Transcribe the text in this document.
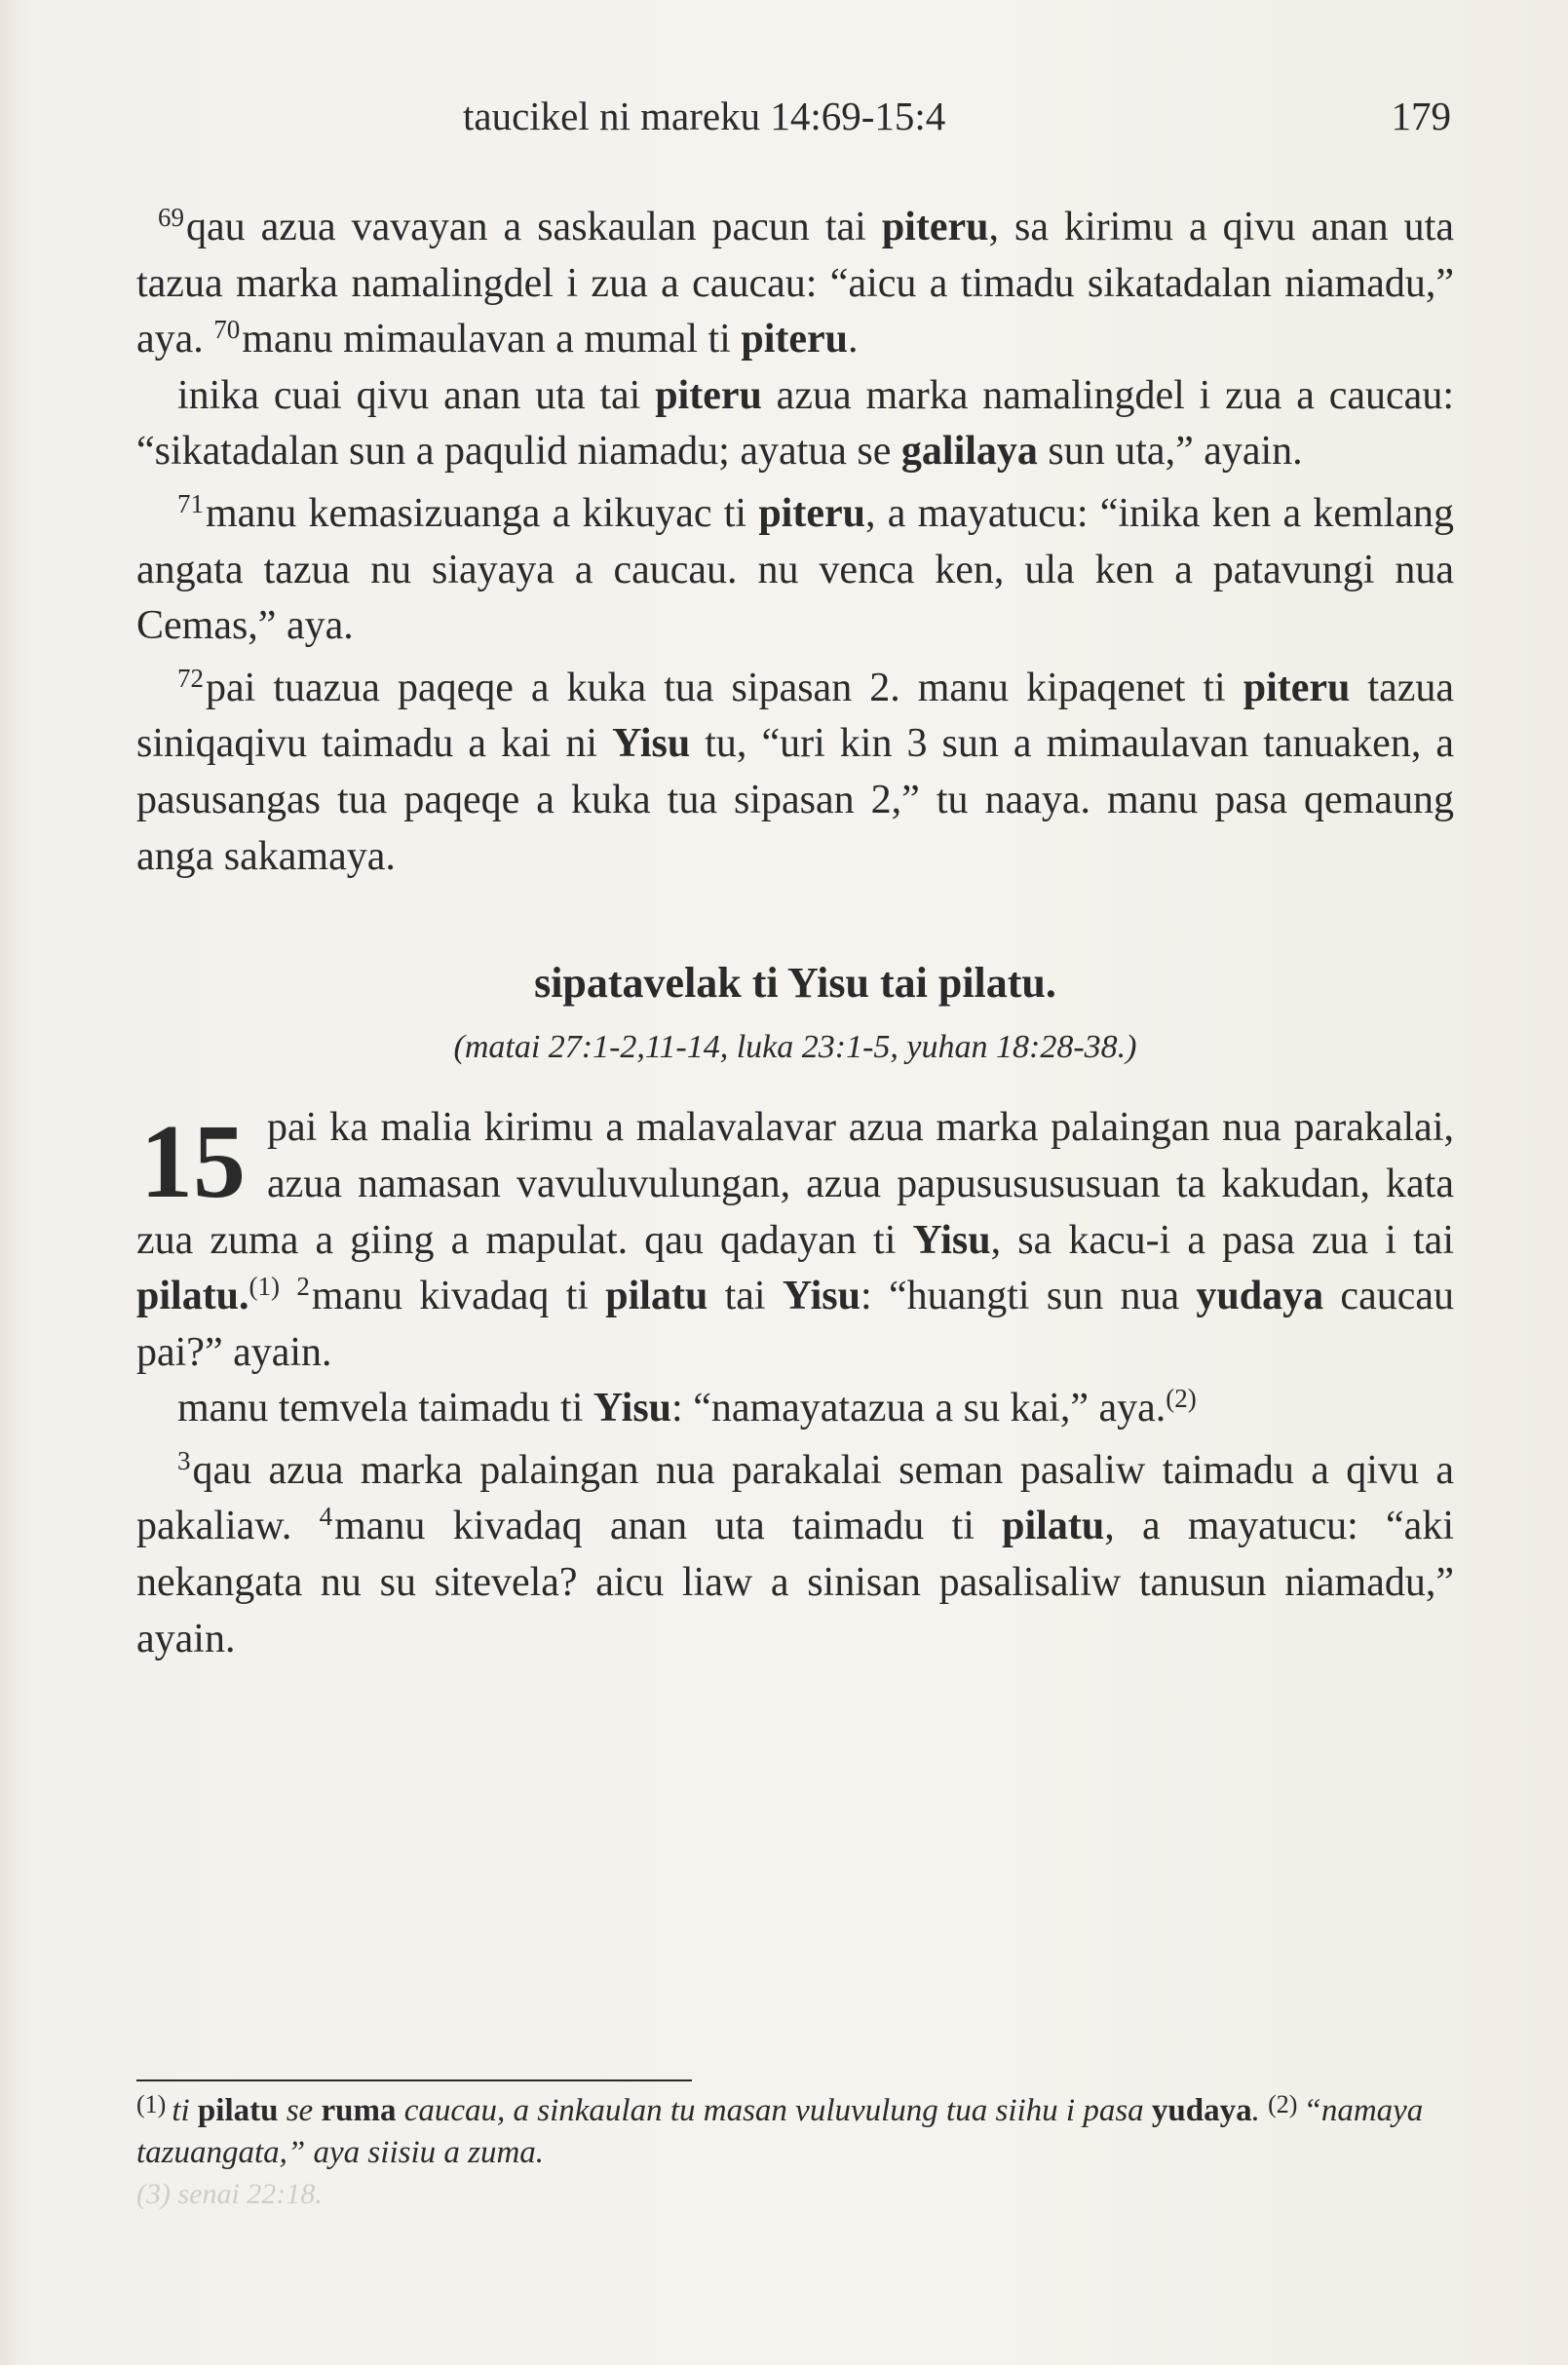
taucikel ni mareku 14:69-15:4	179

$^{69}$qau azua vavayan a saskaulan pacun tai piteru, sa kirimu a qivu anan uta tazua marka namalingdel i zua a caucau: “aicu a timadu sikatadalan niamadu,” aya. $^{70}$manu mimaulavan a mumal ti piteru.

inika cuai qivu anan uta tai piteru azua marka namalingdel i zua a caucau: “sikatadalan sun a paqulid niamadu; ayatua se galilaya sun uta,” ayain.

$^{71}$manu kemasizuanga a kikuyac ti piteru, a mayatucu: “inika ken a kemlang angata tazua nu siayaya a caucau. nu venca ken, ula ken a patavungi nua Cemas,” aya.

$^{72}$pai tuazua paqeqe a kuka tua sipasan 2. manu kipaqenet ti piteru tazua siniqaqivu taimadu a kai ni Yisu tu, “uri kin 3 sun a mimaulavan tanuaken, a pasusangas tua paqeqe a kuka tua sipasan 2,” tu naaya. manu pasa qemaung anga sakamaya.

sipatavelak ti Yisu tai pilatu.
(matai 27:1-2,11-14, luka 23:1-5, yuhan 18:28-38.)

15 pai ka malia kirimu a malavalavar azua marka palaingan nua parakalai, azua namasan vavuluvulungan, azua papususususuan ta kakudan, kata zua zuma a giing a mapulat. qau qadayan ti Yisu, sa kacu-i a pasa zua i tai pilatu.$^{(1)}$ $^2$manu kivadaq ti pilatu tai Yisu: “huangti sun nua yudaya caucau pai?” ayain.

manu temvela taimadu ti Yisu: “namayatazua a su kai,” aya.$^{(2)}$

$^3$qau azua marka palaingan nua parakalai seman pasaliw taimadu a qivu a pakaliaw. $^4$manu kivadaq anan uta taimadu ti pilatu, a mayatucu: “aki nekangata nu su sitevela? aicu liaw a sinisan pasalisaliw tanusun niamadu,” ayain.

$^{(1)}$ ti pilatu se ruma caucau, a sinkaulan tu masan vuluvulung tua siihu i pasa yudaya. $^{(2)}$ “namaya tazuangata,” aya siisiu a zuma.
(3) senai 22:18.
